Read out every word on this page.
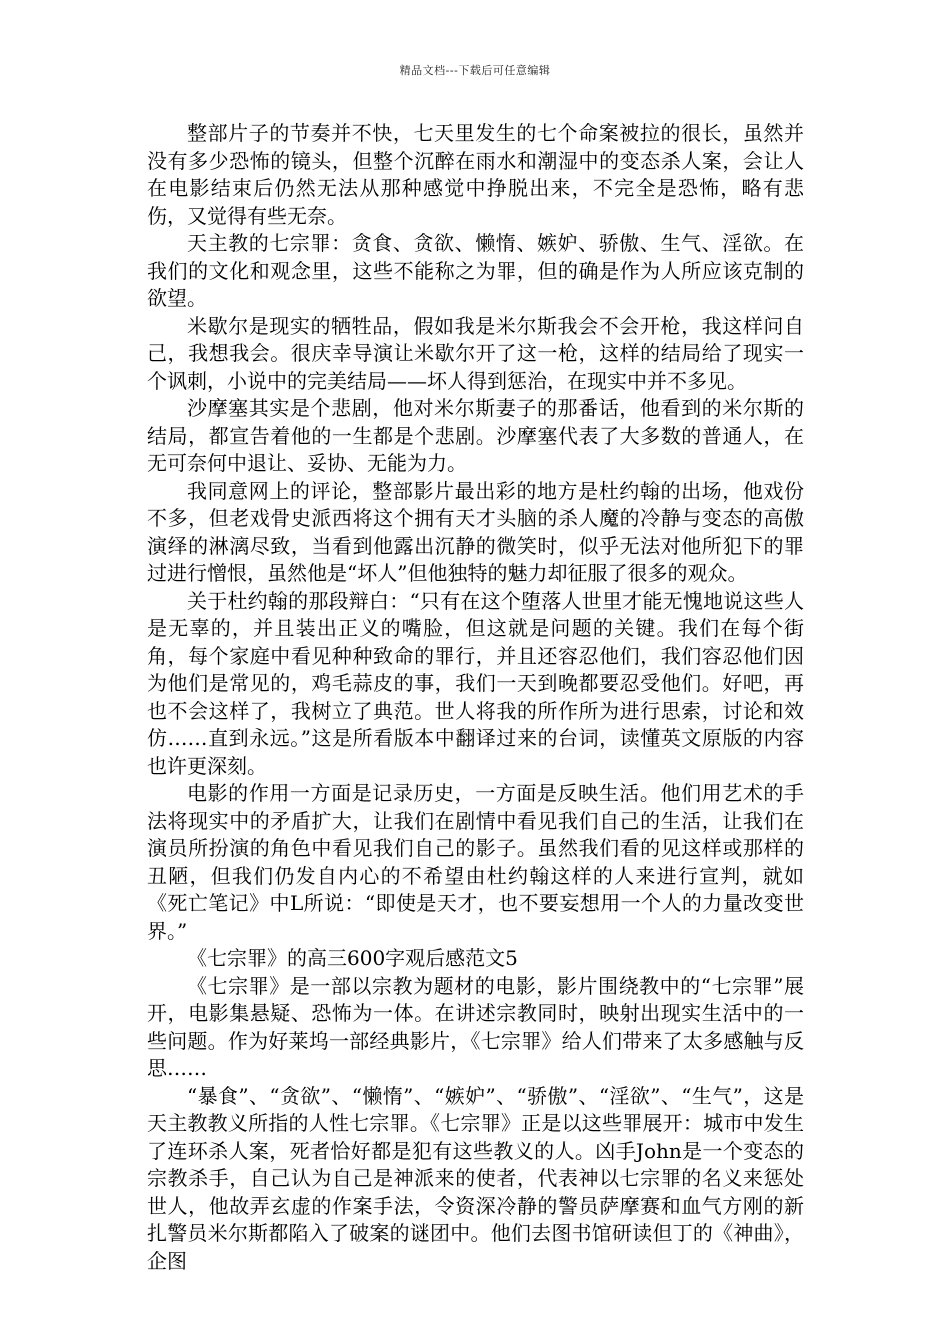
精品文档---下载后可任意编辑

整部片子的节奏并不快，七天里发生的七个命案被拉的很长，虽然并没有多少恐怖的镜头，但整个沉醉在雨水和潮湿中的变态杀人案，会让人在电影结束后仍然无法从那种感觉中挣脱出来，不完全是恐怖，略有悲伤，又觉得有些无奈。

天主教的七宗罪：贪食、贪欲、懒惰、嫉妒、骄傲、生气、淫欲。在我们的文化和观念里，这些不能称之为罪，但的确是作为人所应该克制的欲望。

米歇尔是现实的牺牲品，假如我是米尔斯我会不会开枪，我这样问自己，我想我会。很庆幸导演让米歇尔开了这一枪，这样的结局给了现实一个讽刺，小说中的完美结局——坏人得到惩治，在现实中并不多见。

沙摩塞其实是个悲剧，他对米尔斯妻子的那番话，他看到的米尔斯的结局，都宣告着他的一生都是个悲剧。沙摩塞代表了大多数的普通人，在无可奈何中退让、妥协、无能为力。

我同意网上的评论，整部影片最出彩的地方是杜约翰的出场，他戏份不多，但老戏骨史派西将这个拥有天才头脑的杀人魔的冷静与变态的高傲演绎的淋漓尽致，当看到他露出沉静的微笑时，似乎无法对他所犯下的罪过进行憎恨，虽然他是“坏人”但他独特的魅力却征服了很多的观众。

关于杜约翰的那段辩白：“只有在这个堕落人世里才能无愧地说这些人是无辜的，并且装出正义的嘴脸，但这就是问题的关键。我们在每个街角，每个家庭中看见种种致命的罪行，并且还容忍他们，我们容忍他们因为他们是常见的，鸡毛蒜皮的事，我们一天到晚都要忍受他们。好吧，再也不会这样了，我树立了典范。世人将我的所作所为进行思索，讨论和效仿……直到永远。”这是所看版本中翻译过来的台词，读懂英文原版的内容也许更深刻。

电影的作用一方面是记录历史，一方面是反映生活。他们用艺术的手法将现实中的矛盾扩大，让我们在剧情中看见我们自己的生活，让我们在演员所扮演的角色中看见我们自己的影子。虽然我们看的见这样或那样的丑陋，但我们仍发自内心的不希望由杜约翰这样的人来进行宣判，就如《死亡笔记》中L所说：“即使是天才，也不要妄想用一个人的力量改变世界。”

《七宗罪》的高三600字观后感范文5

《七宗罪》是一部以宗教为题材的电影，影片围绕教中的“七宗罪”展开，电影集悬疑、恐怖为一体。在讲述宗教同时，映射出现实生活中的一些问题。作为好莱坞一部经典影片，《七宗罪》给人们带来了太多感触与反思……

“暴食”、“贪欲”、“懒惰”、“嫉妒”、“骄傲”、“淫欲”、“生气”，这是天主教教义所指的人性七宗罪。《七宗罪》正是以这些罪展开：城市中发生了连环杀人案，死者恰好都是犯有这些教义的人。凶手John是一个变态的宗教杀手，自己认为自己是神派来的使者，代表神以七宗罪的名义来惩处世人，他故弄玄虚的作案手法，令资深冷静的警员萨摩赛和血气方刚的新扎警员米尔斯都陷入了破案的谜团中。他们去图书馆研读但丁的《神曲》，企图
